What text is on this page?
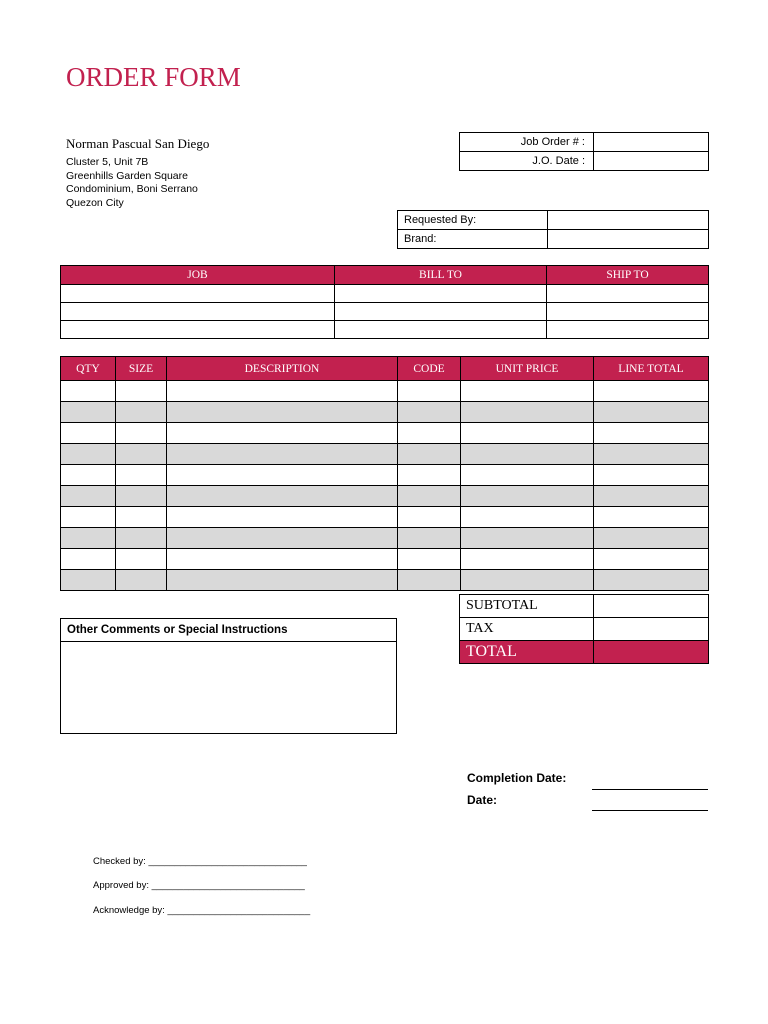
ORDER FORM
Norman Pascual San Diego
Cluster 5, Unit 7B
Greenhills Garden Square
Condominium, Boni Serrano
Quezon City
Job Order # :	
J.O. Date :	
Requested By:	
Brand:	
JOB	BILL TO	SHIP TO

QTY	SIZE	DESCRIPTION	CODE	UNIT PRICE	LINE TOTAL

SUBTOTAL	
TAX	
TOTAL	
Other Comments or Special Instructions

Completion Date:
Date:
Checked by: ______________________________
Approved by: _____________________________
Acknowledge by: ___________________________
